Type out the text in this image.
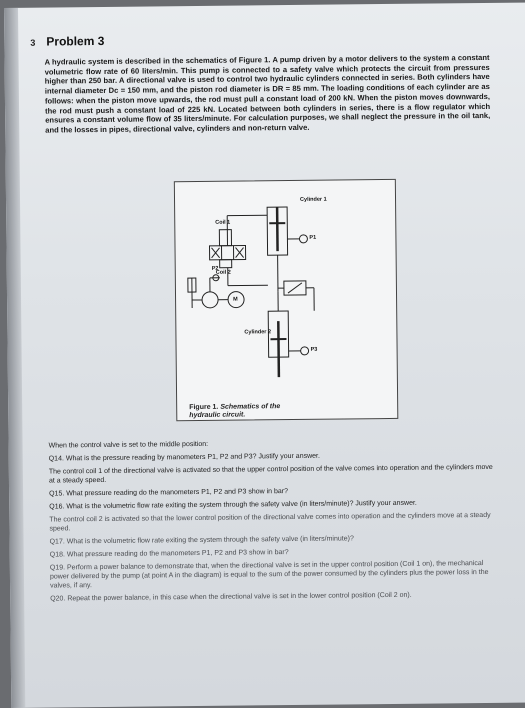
3 Problem 3
A hydraulic system is described in the schematics of Figure 1. A pump driven by a motor delivers to the system a constant volumetric flow rate of 60 liters/min. This pump is connected to a safety valve which protects the circuit from pressures higher than 250 bar. A directional valve is used to control two hydraulic cylinders connected in series. Both cylinders have internal diameter Dc = 150 mm, and the piston rod diameter is DR = 85 mm. The loading conditions of each cylinder are as follows: when the piston move upwards, the rod must pull a constant load of 200 kN. When the piston moves downwards, the rod must push a constant load of 225 kN. Located between both cylinders in series, there is a flow regulator which ensures a constant volume flow of 35 liters/minute. For calculation purposes, we shall neglect the pressure in the oil tank, and the losses in pipes, directional valve, cylinders and non-return valve.
Cylinder 1
Coil 1
Coil 2
Cylinder 2
P1
P2
P3
M
Figure 1. Schematics of the hydraulic circuit.

When the control valve is set to the middle position:

Q14. What is the pressure reading by manometers P1, P2 and P3? Justify your answer.

The control coil 1 of the directional valve is activated so that the upper control position of the valve comes into operation and the cylinders move at a steady speed.

Q15. What pressure reading do the manometers P1, P2 and P3 show in bar?

Q16. What is the volumetric flow rate exiting the system through the safety valve (in liters/minute)? Justify your answer.

The control coil 2 is activated so that the lower control position of the directional valve comes into operation and the cylinders move at a steady speed.

Q17. What is the volumetric flow rate exiting the system through the safety valve (in liters/minute)?

Q18. What pressure reading do the manometers P1, P2 and P3 show in bar?

Q19. Perform a power balance to demonstrate that, when the directional valve is set in the upper control position (Coil 1 on), the mechanical power delivered by the pump (at point A in the diagram) is equal to the sum of the power consumed by the cylinders plus the power loss in the valves, if any.

Q20. Repeat the power balance, in this case when the directional valve is set in the lower control position (Coil 2 on).
